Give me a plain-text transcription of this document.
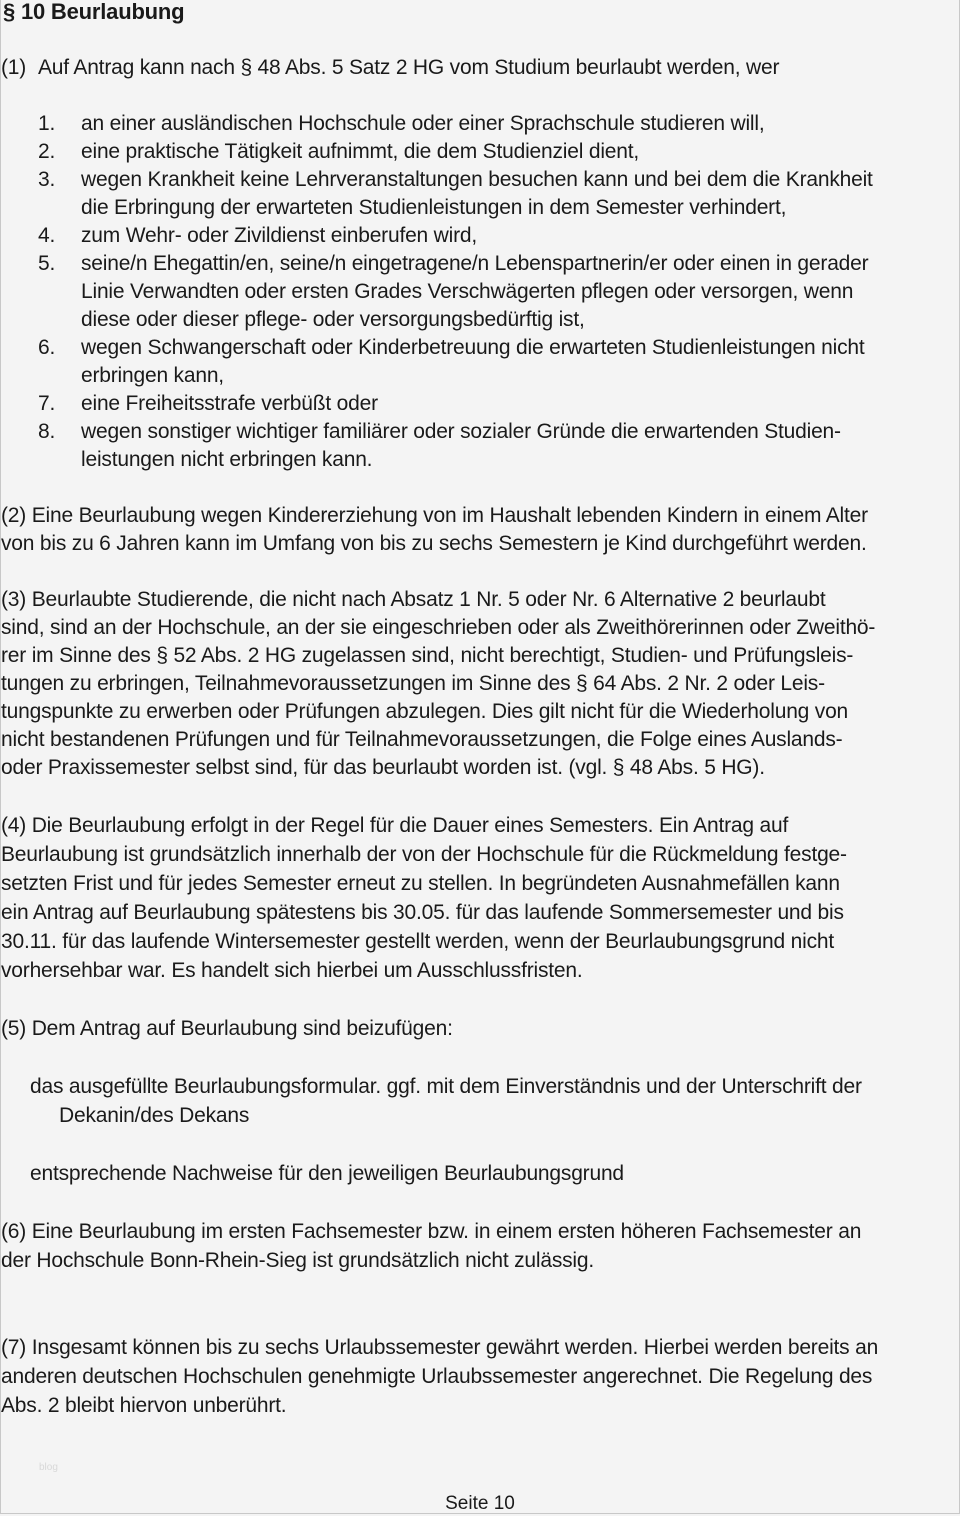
§ 10 Beurlaubung
(1) Auf Antrag kann nach § 48 Abs. 5 Satz 2 HG vom Studium beurlaubt werden, wer
1. an einer ausländischen Hochschule oder einer Sprachschule studieren will,
2. eine praktische Tätigkeit aufnimmt, die dem Studienziel dient,
3. wegen Krankheit keine Lehrveranstaltungen besuchen kann und bei dem die Krankheit
die Erbringung der erwarteten Studienleistungen in dem Semester verhindert,
4. zum Wehr- oder Zivildienst einberufen wird,
5. seine/n Ehegattin/en, seine/n eingetragene/n Lebenspartnerin/er oder einen in gerader
Linie Verwandten oder ersten Grades Verschwägerten pflegen oder versorgen, wenn
diese oder dieser pflege- oder versorgungsbedürftig ist,
6. wegen Schwangerschaft oder Kinderbetreuung die erwarteten Studienleistungen nicht
erbringen kann,
7. eine Freiheitsstrafe verbüßt oder
8. wegen sonstiger wichtiger familiärer oder sozialer Gründe die erwartenden Studien-
leistungen nicht erbringen kann.
(2) Eine Beurlaubung wegen Kindererziehung von im Haushalt lebenden Kindern in einem Alter
von bis zu 6 Jahren kann im Umfang von bis zu sechs Semestern je Kind durchgeführt werden.
(3) Beurlaubte Studierende, die nicht nach Absatz 1 Nr. 5 oder Nr. 6 Alternative 2 beurlaubt
sind, sind an der Hochschule, an der sie eingeschrieben oder als Zweithörerinnen oder Zweithö-
rer im Sinne des § 52 Abs. 2 HG zugelassen sind, nicht berechtigt, Studien- und Prüfungsleis-
tungen zu erbringen, Teilnahmevoraussetzungen im Sinne des § 64 Abs. 2 Nr. 2 oder Leis-
tungspunkte zu erwerben oder Prüfungen abzulegen. Dies gilt nicht für die Wiederholung von
nicht bestandenen Prüfungen und für Teilnahmevoraussetzungen, die Folge eines Auslands-
oder Praxissemester selbst sind, für das beurlaubt worden ist. (vgl. § 48 Abs. 5 HG).
(4) Die Beurlaubung erfolgt in der Regel für die Dauer eines Semesters. Ein Antrag auf
Beurlaubung ist grundsätzlich innerhalb der von der Hochschule für die Rückmeldung festge-
setzten Frist und für jedes Semester erneut zu stellen. In begründeten Ausnahmefällen kann
ein Antrag auf Beurlaubung spätestens bis 30.05. für das laufende Sommersemester und bis
30.11. für das laufende Wintersemester gestellt werden, wenn der Beurlaubungsgrund nicht
vorhersehbar war. Es handelt sich hierbei um Ausschlussfristen.
(5) Dem Antrag auf Beurlaubung sind beizufügen:
das ausgefüllte Beurlaubungsformular. ggf. mit dem Einverständnis und der Unterschrift der
Dekanin/des Dekans
entsprechende Nachweise für den jeweiligen Beurlaubungsgrund
(6) Eine Beurlaubung im ersten Fachsemester bzw. in einem ersten höheren Fachsemester an
der Hochschule Bonn-Rhein-Sieg ist grundsätzlich nicht zulässig.
(7) Insgesamt können bis zu sechs Urlaubssemester gewährt werden. Hierbei werden bereits an
anderen deutschen Hochschulen genehmigte Urlaubssemester angerechnet. Die Regelung des
Abs. 2 bleibt hiervon unberührt.
blog
Seite 10
